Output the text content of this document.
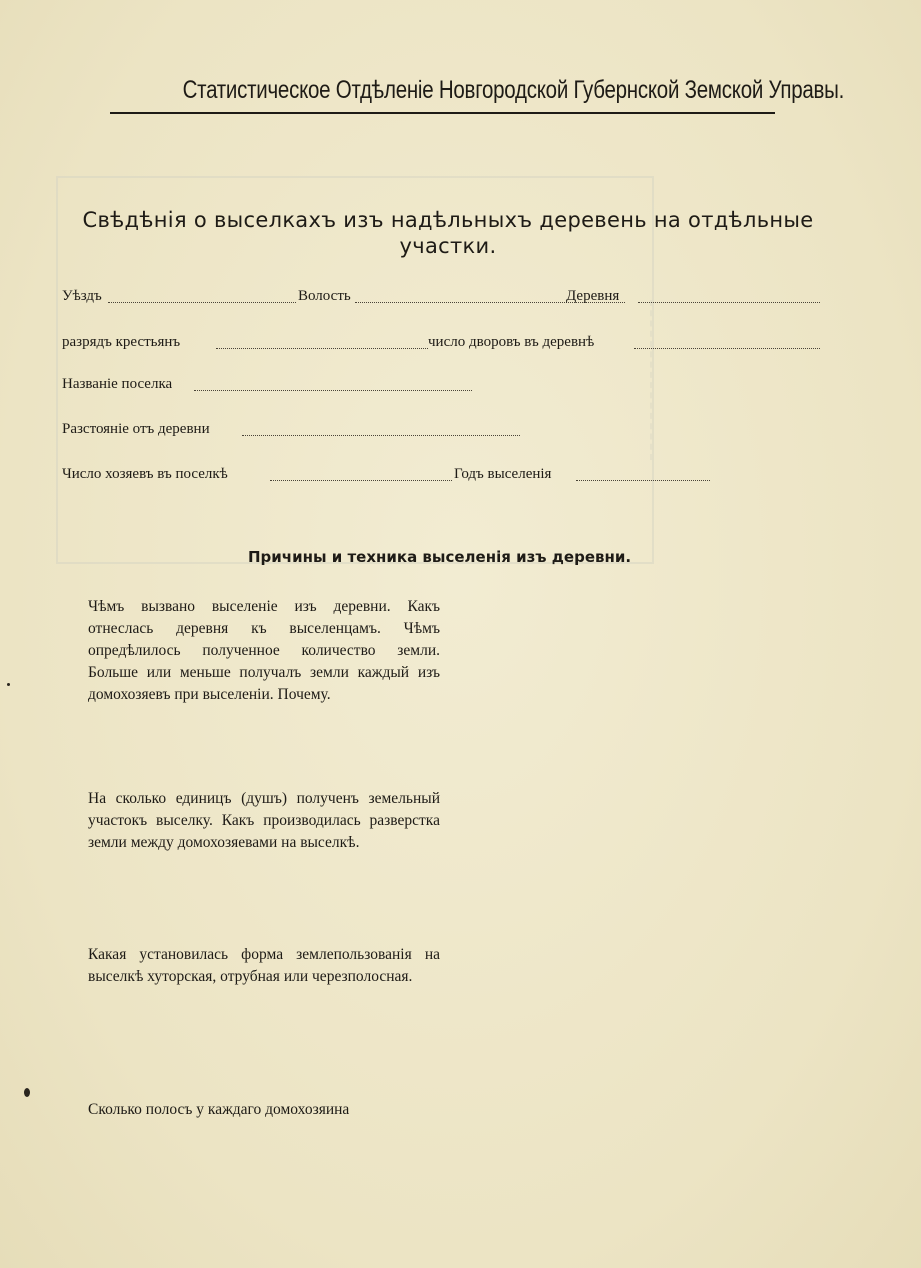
Статистическое Отдѣленіе Новгородской Губернской Земской Управы.
Свѣдѣнія о выселкахъ изъ надѣльныхъ деревень на отдѣльные участки.
Уѣздъ	Волость	Деревня
разрядъ крестьянъ	число дворовъ въ деревнѣ
Названіе поселка
Разстояніе отъ деревни
Число хозяевъ въ поселкѣ	Годъ выселенія
Причины и техника выселенія изъ деревни.
Чѣмъ вызвано выселеніе изъ деревни. Какъ отнеслась деревня къ выселенцамъ. Чѣмъ опредѣлилось полученное количество земли. Больше или меньше получалъ земли каждый изъ домохозяевъ при выселеніи. Почему.
На сколько единицъ (душъ) полученъ земельный участокъ выселку. Какъ производилась разверстка земли между домохозяевами на выселкѣ.
Какая установилась форма землепользованія на выселкѣ хуторская, отрубная или черезполосная.
Сколько полосъ у каждаго домохозяина
